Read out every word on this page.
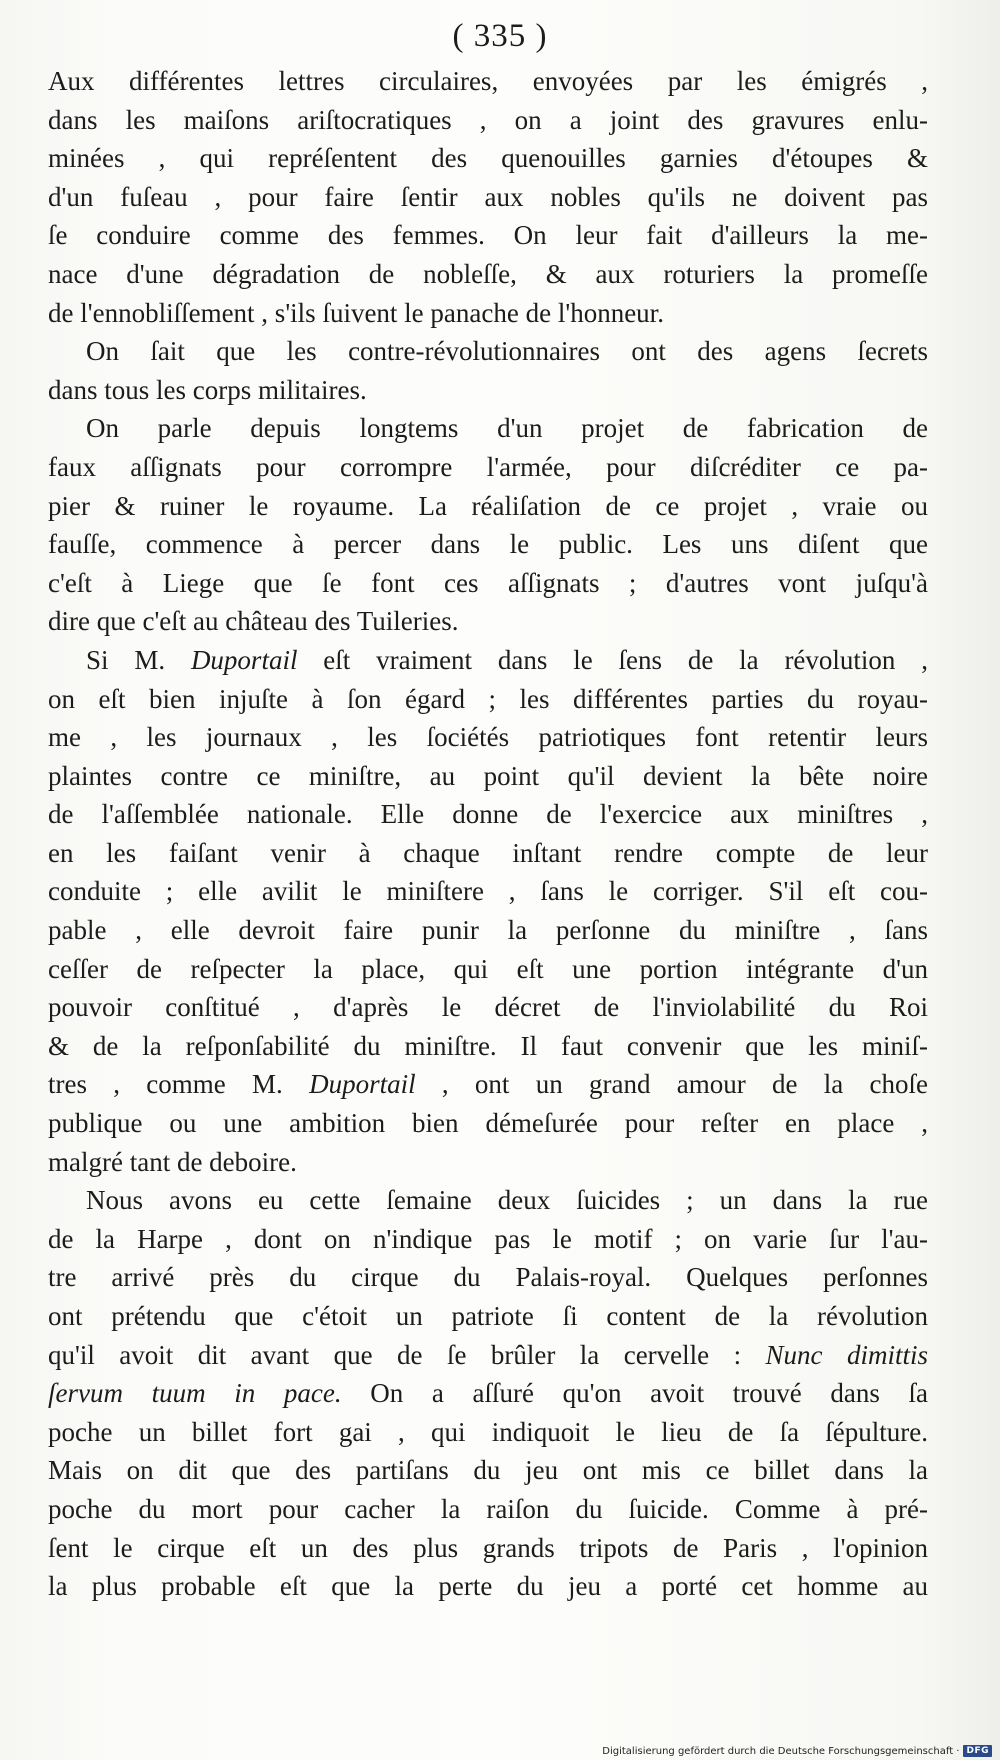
( 335 )
Aux différentes lettres circulaires, envoyées par les émigrés ,
dans les maiſons ariſtocratiques , on a joint des gravures enlu-
minées , qui repréſentent des quenouilles garnies d'étoupes &
d'un fuſeau , pour faire ſentir aux nobles qu'ils ne doivent pas
ſe conduire comme des femmes. On leur fait d'ailleurs la me-
nace d'une dégradation de nobleſſe, & aux roturiers la promeſſe
de l'ennobliſſement , s'ils ſuivent le panache de l'honneur.
On ſait que les contre-révolutionnaires ont des agens ſecrets
dans tous les corps militaires.
On parle depuis longtems d'un projet de fabrication de
faux aſſignats pour corrompre l'armée, pour diſcréditer ce pa-
pier & ruiner le royaume. La réaliſation de ce projet , vraie ou
fauſſe, commence à percer dans le public. Les uns diſent que
c'eſt à Liege que ſe font ces aſſignats ; d'autres vont juſqu'à
dire que c'eſt au château des Tuileries.
Si M. Duportail eſt vraiment dans le ſens de la révolution ,
on eſt bien injuſte à ſon égard ; les différentes parties du royau-
me , les journaux , les ſociétés patriotiques font retentir leurs
plaintes contre ce miniſtre, au point qu'il devient la bête noire
de l'aſſemblée nationale. Elle donne de l'exercice aux miniſtres ,
en les faiſant venir à chaque inſtant rendre compte de leur
conduite ; elle avilit le miniſtere , ſans le corriger. S'il eſt cou-
pable , elle devroit faire punir la perſonne du miniſtre , ſans
ceſſer de reſpecter la place, qui eſt une portion intégrante d'un
pouvoir conſtitué , d'après le décret de l'inviolabilité du Roi
& de la reſponſabilité du miniſtre. Il faut convenir que les miniſ-
tres , comme M. Duportail , ont un grand amour de la choſe
publique ou une ambition bien démeſurée pour reſter en place ,
malgré tant de deboire.
Nous avons eu cette ſemaine deux ſuicides ; un dans la rue
de la Harpe , dont on n'indique pas le motif ; on varie ſur l'au-
tre arrivé près du cirque du Palais-royal. Quelques perſonnes
ont prétendu que c'étoit un patriote ſi content de la révolution
qu'il avoit dit avant que de ſe brûler la cervelle : Nunc dimittis
ſervum tuum in pace. On a aſſuré qu'on avoit trouvé dans ſa
poche un billet fort gai , qui indiquoit le lieu de ſa ſépulture.
Mais on dit que des partiſans du jeu ont mis ce billet dans la
poche du mort pour cacher la raiſon du ſuicide. Comme à pré-
ſent le cirque eſt un des plus grands tripots de Paris , l'opinion
la plus probable eſt que la perte du jeu a porté cet homme au
Digitalisierung gefördert durch die Deutsche Forschungsgemeinschaft · DFG
